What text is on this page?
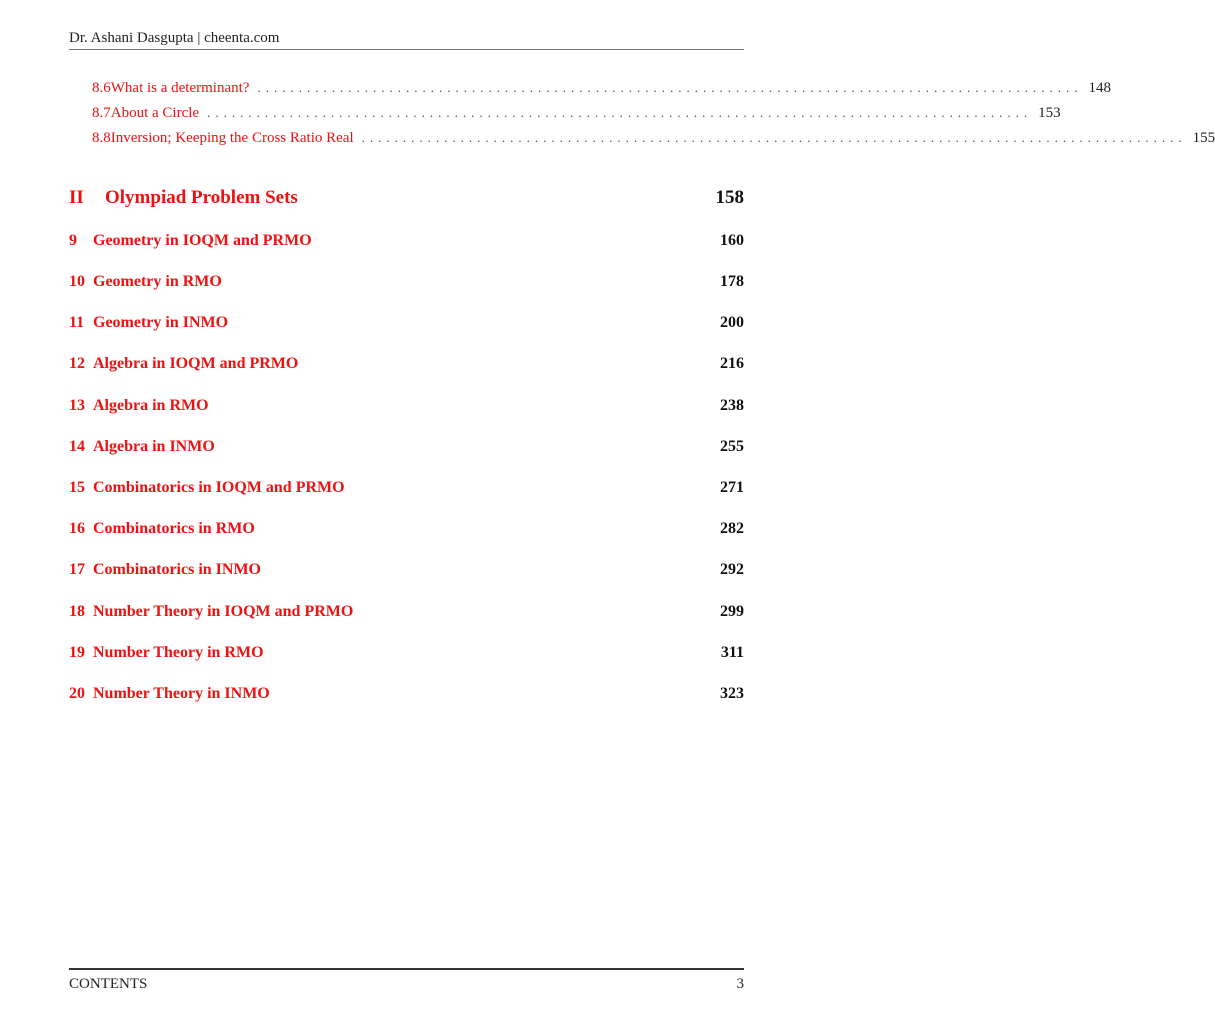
Dr. Ashani Dasgupta | cheenta.com
8.6 What is a determinant? .................................................................................................... 148
8.7 About a Circle .................................................................................................... 153
8.8 Inversion; Keeping the Cross Ratio Real .................................................................................................... 155
II	Olympiad Problem Sets	158
9	Geometry in IOQM and PRMO	160
10 Geometry in RMO	178
11 Geometry in INMO	200
12 Algebra in IOQM and PRMO	216
13 Algebra in RMO	238
14 Algebra in INMO	255
15 Combinatorics in IOQM and PRMO	271
16 Combinatorics in RMO	282
17 Combinatorics in INMO	292
18 Number Theory in IOQM and PRMO	299
19 Number Theory in RMO	311
20 Number Theory in INMO	323
CONTENTS	3
